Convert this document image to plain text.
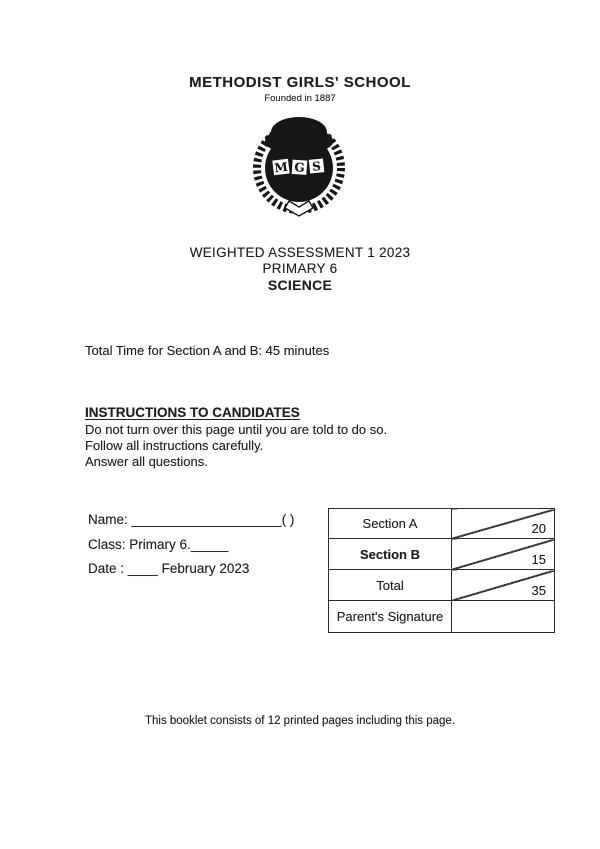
METHODIST GIRLS' SCHOOL
Founded in 1887
M G S
WEIGHTED ASSESSMENT 1 2023
PRIMARY 6
SCIENCE
Total Time for Section A and B: 45 minutes
INSTRUCTIONS TO CANDIDATES
Do not turn over this page until you are told to do so.
Follow all instructions carefully.
Answer all questions.
Name: ____________________( )
Class: Primary 6._____
Date : ____ February 2023
Section A	20

Section B	15

Total	35

Parent's Signature	
This booklet consists of 12 printed pages including this page.
